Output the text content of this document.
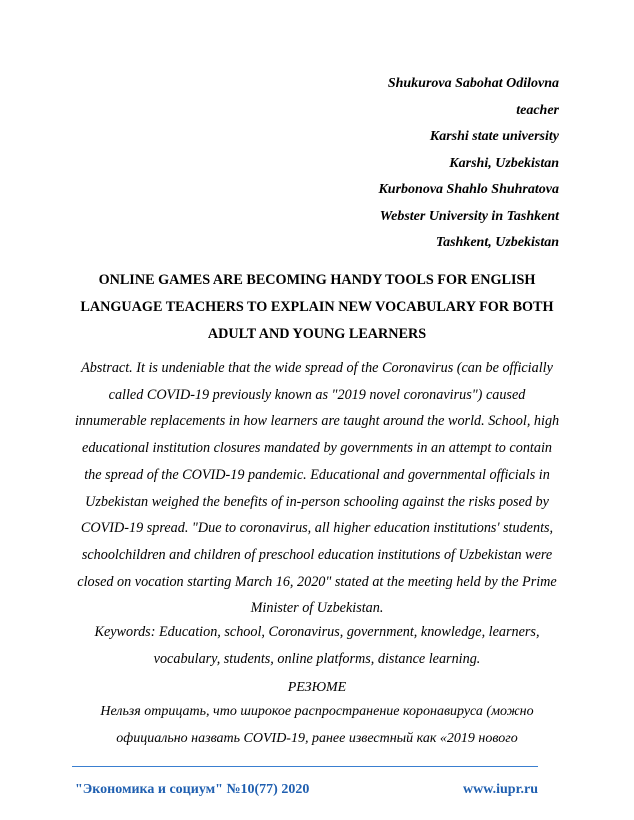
Shukurova Sabohat Odilovna
teacher
Karshi state university
Karshi, Uzbekistan
Kurbonova Shahlo Shuhratova
Webster University in Tashkent
Tashkent, Uzbekistan
ONLINE GAMES ARE BECOMING HANDY TOOLS FOR ENGLISH LANGUAGE TEACHERS TO EXPLAIN NEW VOCABULARY FOR BOTH ADULT AND YOUNG LEARNERS
Abstract. It is undeniable that the wide spread of the Coronavirus (can be officially called COVID-19 previously known as "2019 novel coronavirus") caused innumerable replacements in how learners are taught around the world. School, high educational institution closures mandated by governments in an attempt to contain the spread of the COVID-19 pandemic. Educational and governmental officials in Uzbekistan weighed the benefits of in-person schooling against the risks posed by COVID-19 spread. "Due to coronavirus, all higher education institutions' students, schoolchildren and children of preschool education institutions of Uzbekistan were closed on vocation starting March 16, 2020" stated at the meeting held by the Prime Minister of Uzbekistan.
Keywords: Education, school, Coronavirus, government, knowledge, learners, vocabulary, students, online platforms, distance learning.
РЕЗЮМЕ
Нельзя отрицать, что широкое распространение коронавируса (можно официально назвать COVID-19, ранее известный как «2019 нового
"Экономика и социум" №10(77) 2020	www.iupr.ru
